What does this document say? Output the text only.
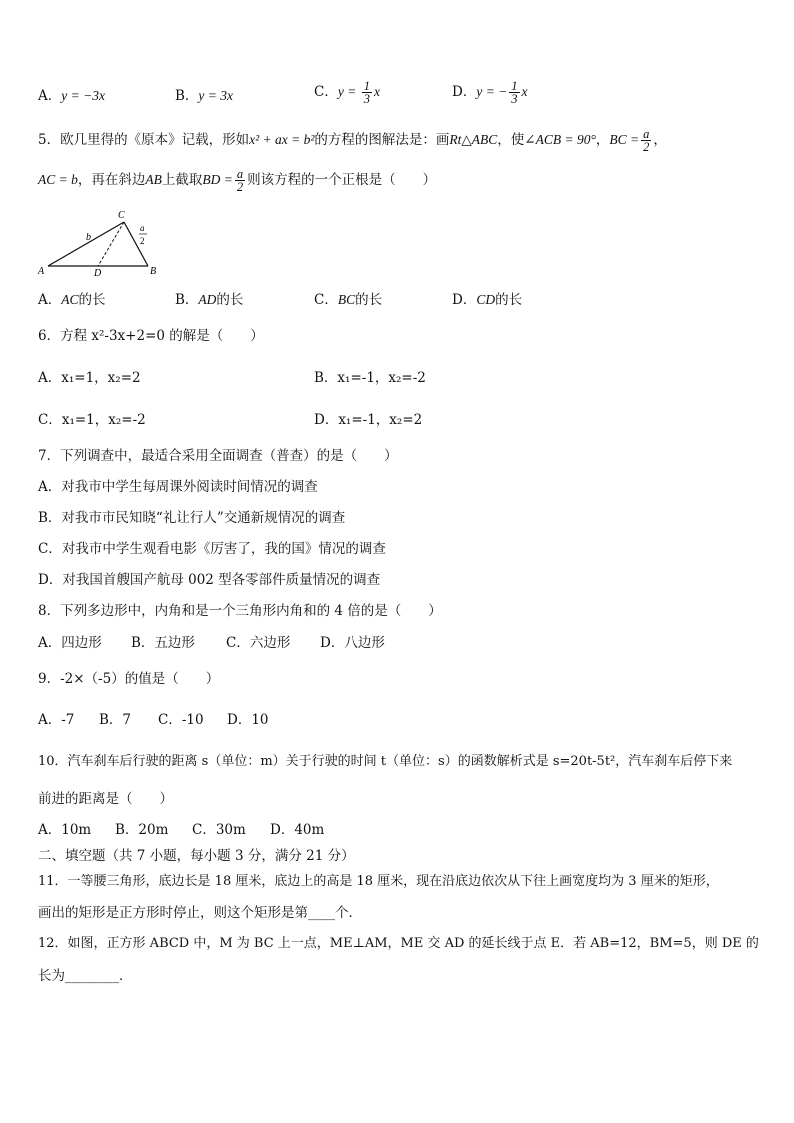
A．y = −3x	B．y = 3x	C．$y = \frac{1}{3}$ x	D．y = − $\frac{1}{3}$ x
5．欧几里得的《原本》记载，形如x² + ax = b²的方程的图解法是：画Rt△ABC，使∠ACB = 90°，BC = $\frac{a}{2}$ ，
AC = b，再在斜边AB上截取BD = $\frac{a}{2}$ 则该方程的一个正根是（　　）
A	B
C
D
b
a
2
A．AC的长	B．AD的长	C．BC的长	D．CD的长
6．方程 x²-3x+2=0 的解是（　　）
A．x₁=1，x₂=2	B．x₁=-1，x₂=-2
C．x₁=1，x₂=-2	D．x₁=-1，x₂=2
7．下列调查中，最适合采用全面调查（普查）的是（　　）
A．对我市中学生每周课外阅读时间情况的调查
B．对我市市民知晓“礼让行人”交通新规情况的调查
C．对我市中学生观看电影《厉害了，我的国》情况的调查
D．对我国首艘国产航母 002 型各零部件质量情况的调查
8．下列多边形中，内角和是一个三角形内角和的 4 倍的是（　　）
A．四边形 B．五边形 C．六边形 D．八边形
9．-2×（-5）的值是（　　）
A．-7 B．7 C．-10 D．10
10．汽车刹车后行驶的距离 s（单位：m）关于行驶的时间 t（单位：s）的函数解析式是 s=20t-5t²，汽车刹车后停下来
前进的距离是（　　）
A．10m B．20m C．30m D．40m
二、填空题（共 7 小题，每小题 3 分，满分 21 分）
11．一等腰三角形，底边长是 18 厘米，底边上的高是 18 厘米，现在沿底边依次从下往上画宽度均为 3 厘米的矩形，
画出的矩形是正方形时停止，则这个矩形是第____个．
12．如图，正方形 ABCD 中，M 为 BC 上一点，ME⊥AM，ME 交 AD 的延长线于点 E．若 AB=12，BM=5，则 DE 的
长为________．
